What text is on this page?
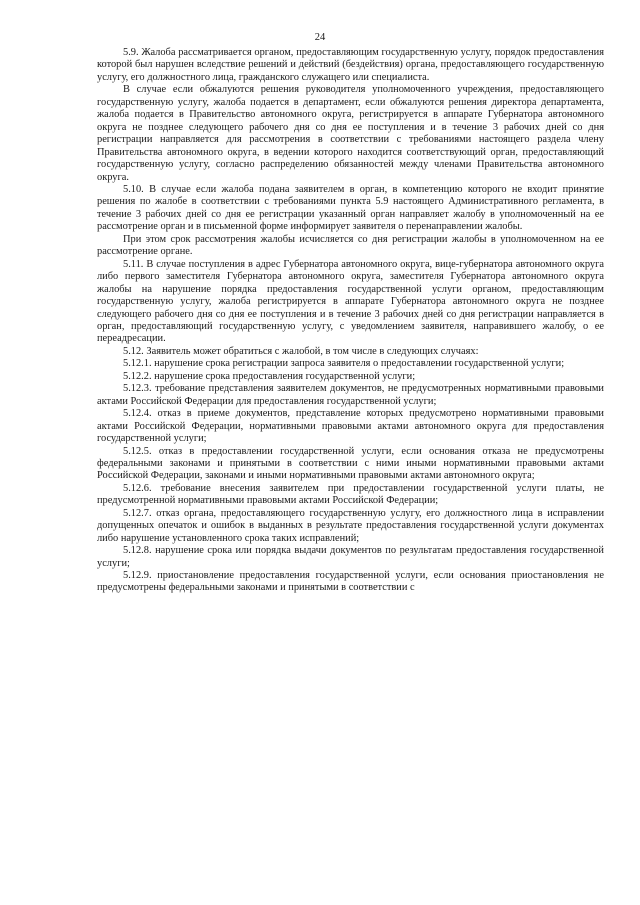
24

5.9. Жалоба рассматривается органом, предоставляющим государственную услугу, порядок предоставления которой был нарушен вследствие решений и действий (бездействия) органа, предоставляющего государственную услугу, его должностного лица, гражданского служащего или специалиста.

В случае если обжалуются решения руководителя уполномоченного учреждения, предоставляющего государственную услугу, жалоба подается в департамент, если обжалуются решения директора департамента, жалоба подается в Правительство автономного округа, регистрируется в аппарате Губернатора автономного округа не позднее следующего рабочего дня со дня ее поступления и в течение 3 рабочих дней со дня регистрации направляется для рассмотрения в соответствии с требованиями настоящего раздела члену Правительства автономного округа, в ведении которого находится соответствующий орган, предоставляющий государственную услугу, согласно распределению обязанностей между членами Правительства автономного округа.

5.10. В случае если жалоба подана заявителем в орган, в компетенцию которого не входит принятие решения по жалобе в соответствии с требованиями пункта 5.9 настоящего Административного регламента, в течение 3 рабочих дней со дня ее регистрации указанный орган направляет жалобу в уполномоченный на ее рассмотрение орган и в письменной форме информирует заявителя о перенаправлении жалобы.

При этом срок рассмотрения жалобы исчисляется со дня регистрации жалобы в уполномоченном на ее рассмотрение органе.

5.11. В случае поступления в адрес Губернатора автономного округа, вице-губернатора автономного округа либо первого заместителя Губернатора автономного округа, заместителя Губернатора автономного округа жалобы на нарушение порядка предоставления государственной услуги органом, предоставляющим государственную услугу, жалоба регистрируется в аппарате Губернатора автономного округа не позднее следующего рабочего дня со дня ее поступления и в течение 3 рабочих дней со дня регистрации направляется в орган, предоставляющий государственную услугу, с уведомлением заявителя, направившего жалобу, о ее переадресации.

5.12. Заявитель может обратиться с жалобой, в том числе в следующих случаях:

5.12.1. нарушение срока регистрации запроса заявителя о предоставлении государственной услуги;

5.12.2. нарушение срока предоставления государственной услуги;

5.12.3. требование представления заявителем документов, не предусмотренных нормативными правовыми актами Российской Федерации для предоставления государственной услуги;

5.12.4. отказ в приеме документов, представление которых предусмотрено нормативными правовыми актами Российской Федерации, нормативными правовыми актами автономного округа для предоставления государственной услуги;

5.12.5. отказ в предоставлении государственной услуги, если основания отказа не предусмотрены федеральными законами и принятыми в соответствии с ними иными нормативными правовыми актами Российской Федерации, законами и иными нормативными правовыми актами автономного округа;

5.12.6. требование внесения заявителем при предоставлении государственной услуги платы, не предусмотренной нормативными правовыми актами Российской Федерации;

5.12.7. отказ органа, предоставляющего государственную услугу, его должностного лица в исправлении допущенных опечаток и ошибок в выданных в результате предоставления государственной услуги документах либо нарушение установленного срока таких исправлений;

5.12.8. нарушение срока или порядка выдачи документов по результатам предоставления государственной услуги;

5.12.9. приостановление предоставления государственной услуги, если основания приостановления не предусмотрены федеральными законами и принятыми в соответствии с
